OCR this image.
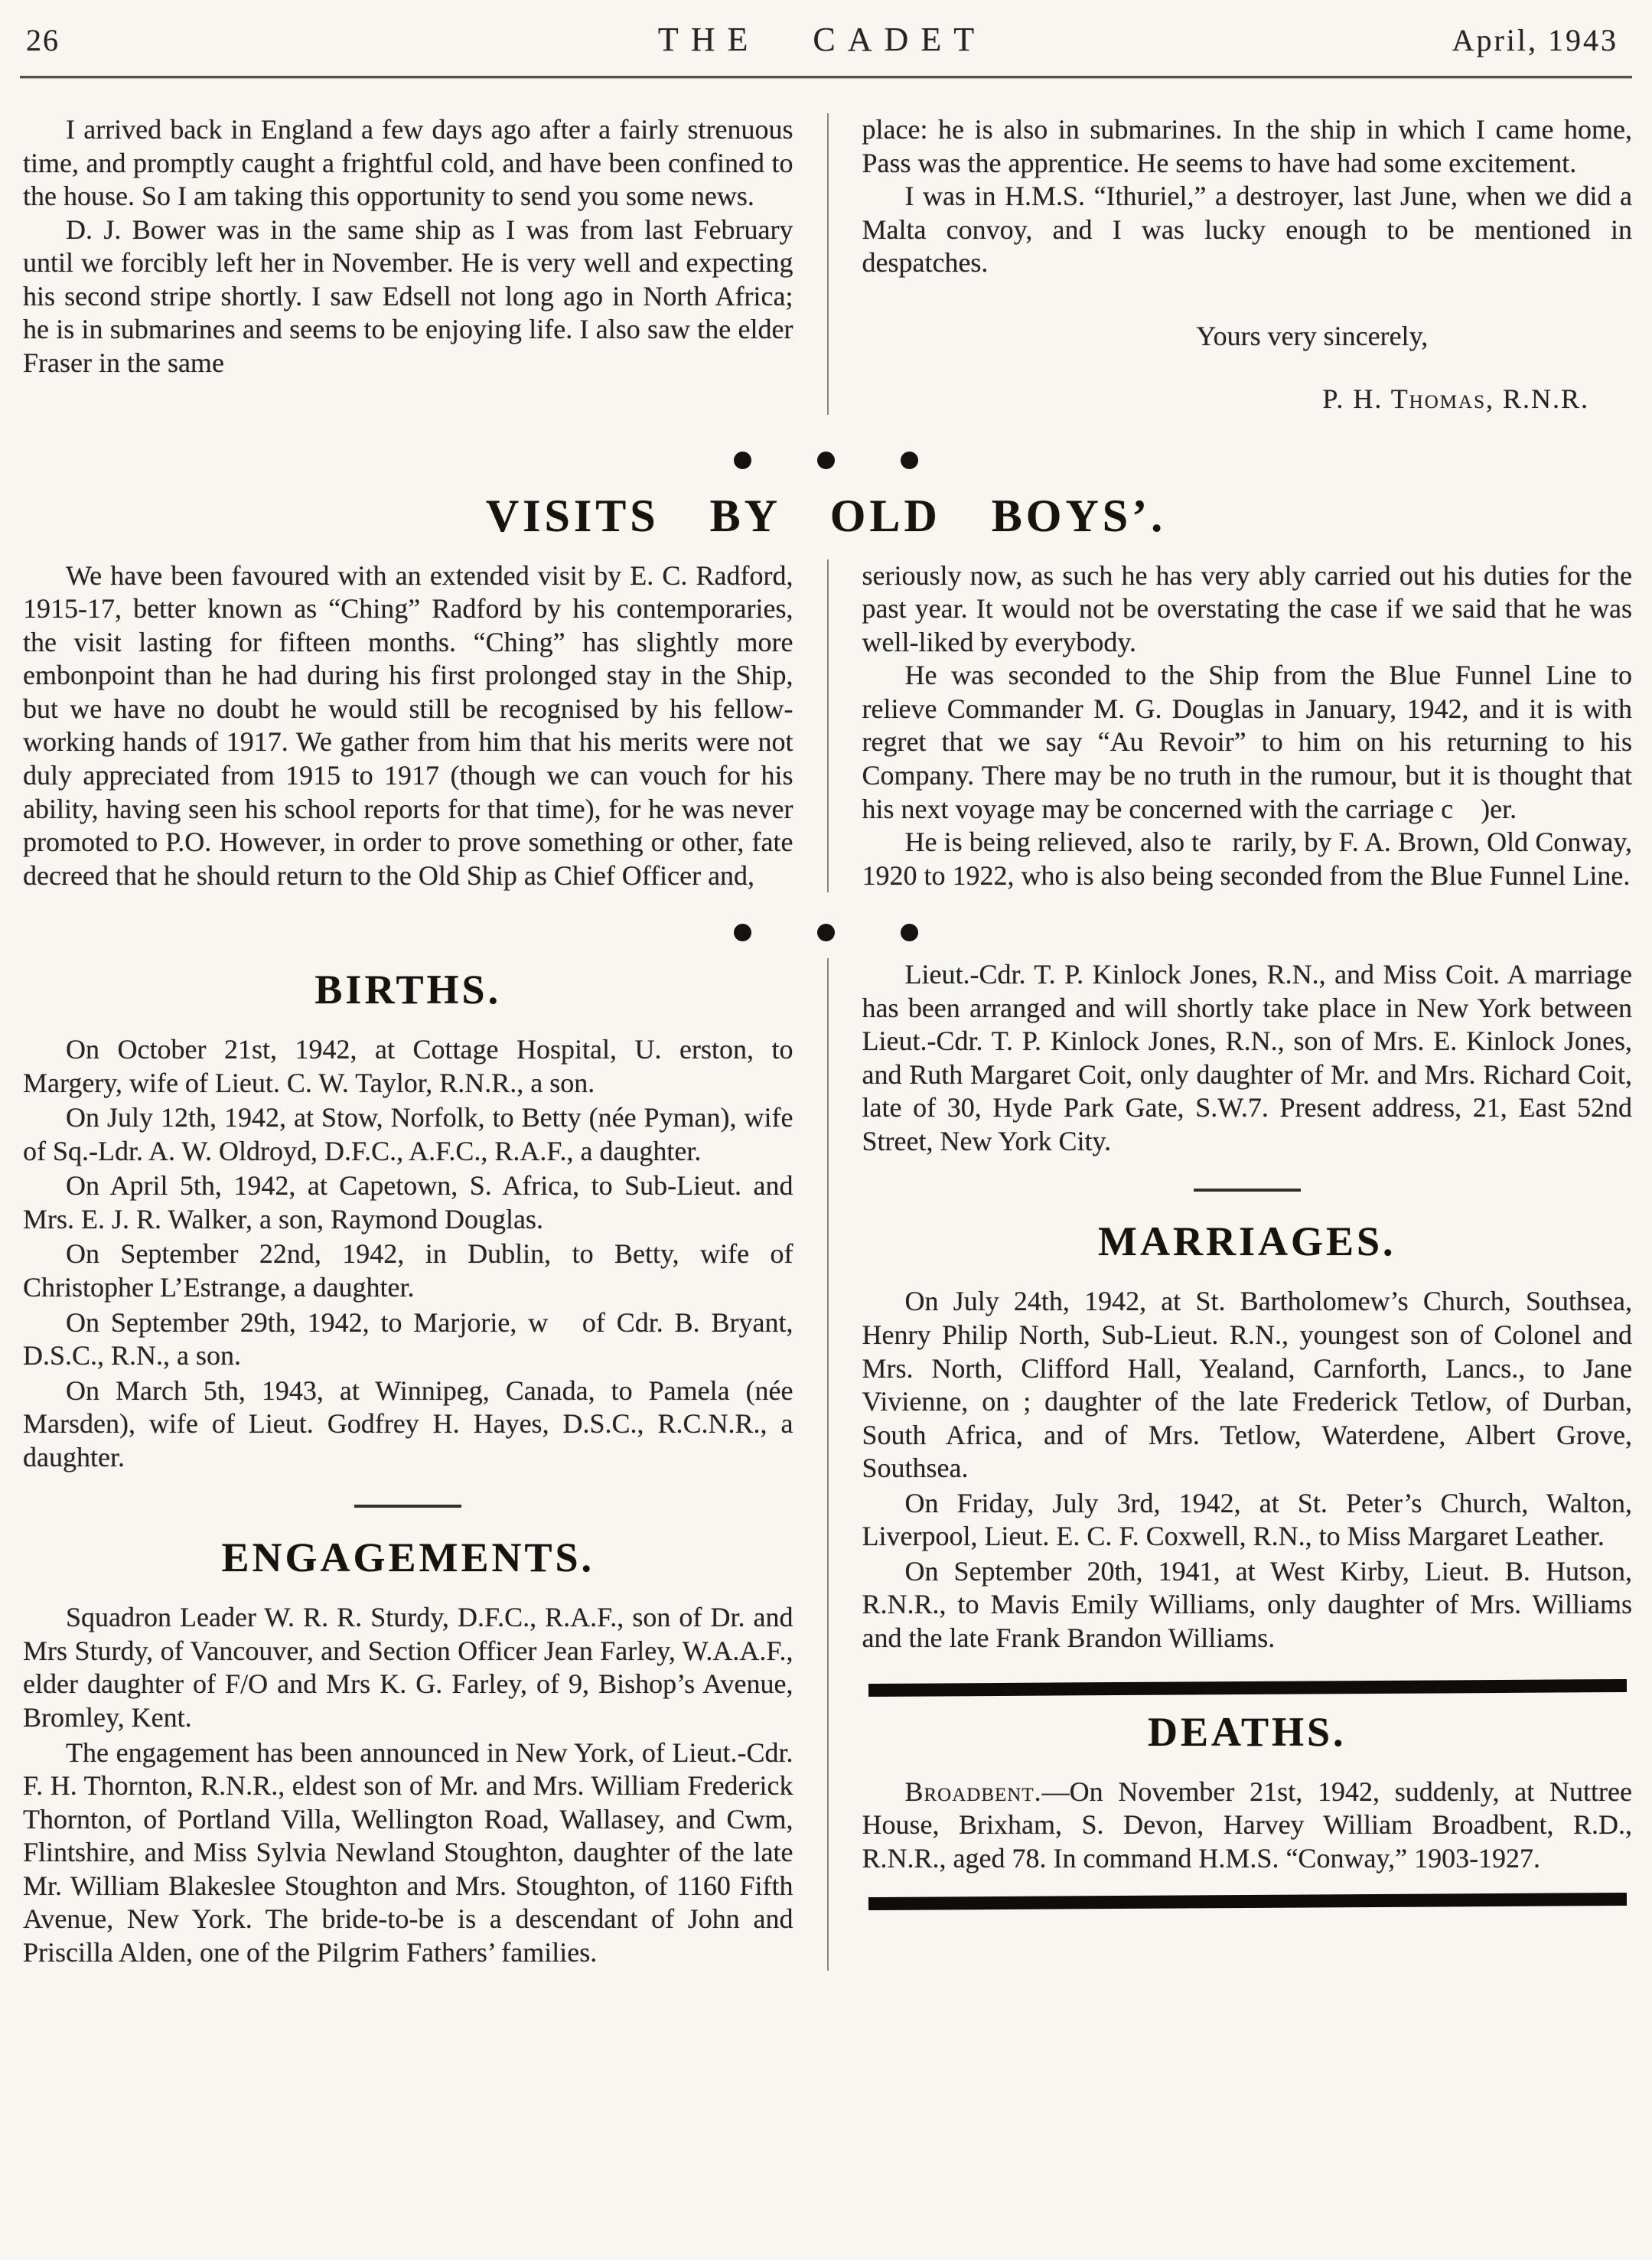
26	THE CADET	April, 1943

I arrived back in England a few days ago after a fairly strenuous time, and promptly caught a frightful cold, and have been confined to the house. So I am taking this opportunity to send you some news.

D. J. Bower was in the same ship as I was from last February until we forcibly left her in November. He is very well and expecting his second stripe shortly. I saw Edsell not long ago in North Africa; he is in submarines and seems to be enjoying life. I also saw the elder Fraser in the same

place: he is also in submarines. In the ship in which I came home, Pass was the apprentice. He seems to have had some excitement.

I was in H.M.S. “Ithuriel,” a destroyer, last June, when we did a Malta convoy, and I was lucky enough to be mentioned in despatches.

Yours very sincerely,
P. H. Thomas, R.N.R.
VISITS BY OLD BOYS’.

We have been favoured with an extended visit by E. C. Radford, 1915-17, better known as “Ching” Radford by his contemporaries, the visit lasting for fifteen months. “Ching” has slightly more embonpoint than he had during his first prolonged stay in the Ship, but we have no doubt he would still be recognised by his fellow-working hands of 1917. We gather from him that his merits were not duly appreciated from 1915 to 1917 (though we can vouch for his ability, having seen his school reports for that time), for he was never promoted to P.O. However, in order to prove something or other, fate decreed that he should return to the Old Ship as Chief Officer and,

seriously now, as such he has very ably carried out his duties for the past year. It would not be overstating the case if we said that he was well-liked by everybody.

He was seconded to the Ship from the Blue Funnel Line to relieve Commander M. G. Douglas in January, 1942, and it is with regret that we say “Au Revoir” to him on his returning to his Company. There may be no truth in the rumour, but it is thought that his next voyage may be concerned with the carriage c    )er.

He is being relieved, also te   rarily, by F. A. Brown, Old Conway, 1920 to 1922, who is also being seconded from the Blue Funnel Line.

BIRTHS.

On October 21st, 1942, at Cottage Hospital, U. erston, to Margery, wife of Lieut. C. W. Taylor, R.N.R., a son.

On July 12th, 1942, at Stow, Norfolk, to Betty (née Pyman), wife of Sq.-Ldr. A. W. Oldroyd, D.F.C., A.F.C., R.A.F., a daughter.

On April 5th, 1942, at Capetown, S. Africa, to Sub-Lieut. and Mrs. E. J. R. Walker, a son, Raymond Douglas.

On September 22nd, 1942, in Dublin, to Betty, wife of Christopher L’Estrange, a daughter.

On September 29th, 1942, to Marjorie, w   of Cdr. B. Bryant, D.S.C., R.N., a son.

On March 5th, 1943, at Winnipeg, Canada, to Pamela (née Marsden), wife of Lieut. Godfrey H. Hayes, D.S.C., R.C.N.R., a daughter.

ENGAGEMENTS.

Squadron Leader W. R. R. Sturdy, D.F.C., R.A.F., son of Dr. and Mrs Sturdy, of Vancouver, and Section Officer Jean Farley, W.A.A.F., elder daughter of F/O and Mrs K. G. Farley, of 9, Bishop’s Avenue, Bromley, Kent.

The engagement has been announced in New York, of Lieut.-Cdr. F. H. Thornton, R.N.R., eldest son of Mr. and Mrs. William Frederick Thornton, of Portland Villa, Wellington Road, Wallasey, and Cwm, Flintshire, and Miss Sylvia Newland Stoughton, daughter of the late Mr. William Blakeslee Stoughton and Mrs. Stoughton, of 1160 Fifth Avenue, New York. The bride-to-be is a descendant of John and Priscilla Alden, one of the Pilgrim Fathers’ families.

Lieut.-Cdr. T. P. Kinlock Jones, R.N., and Miss Coit. A marriage has been arranged and will shortly take place in New York between Lieut.-Cdr. T. P. Kinlock Jones, R.N., son of Mrs. E. Kinlock Jones, and Ruth Margaret Coit, only daughter of Mr. and Mrs. Richard Coit, late of 30, Hyde Park Gate, S.W.7. Present address, 21, East 52nd Street, New York City.

MARRIAGES.

On July 24th, 1942, at St. Bartholomew’s Church, Southsea, Henry Philip North, Sub-Lieut. R.N., youngest son of Colonel and Mrs. North, Clifford Hall, Yealand, Carnforth, Lancs., to Jane Vivienne, on ; daughter of the late Frederick Tetlow, of Durban, South Africa, and of Mrs. Tetlow, Waterdene, Albert Grove, Southsea.

On Friday, July 3rd, 1942, at St. Peter’s Church, Walton, Liverpool, Lieut. E. C. F. Coxwell, R.N., to Miss Margaret Leather.

On September 20th, 1941, at West Kirby, Lieut. B. Hutson, R.N.R., to Mavis Emily Williams, only daughter of Mrs. Williams and the late Frank Brandon Williams.

DEATHS.

Broadbent.—On November 21st, 1942, suddenly, at Nuttree House, Brixham, S. Devon, Harvey William Broadbent, R.D., R.N.R., aged 78. In command H.M.S. “Conway,” 1903-1927.
